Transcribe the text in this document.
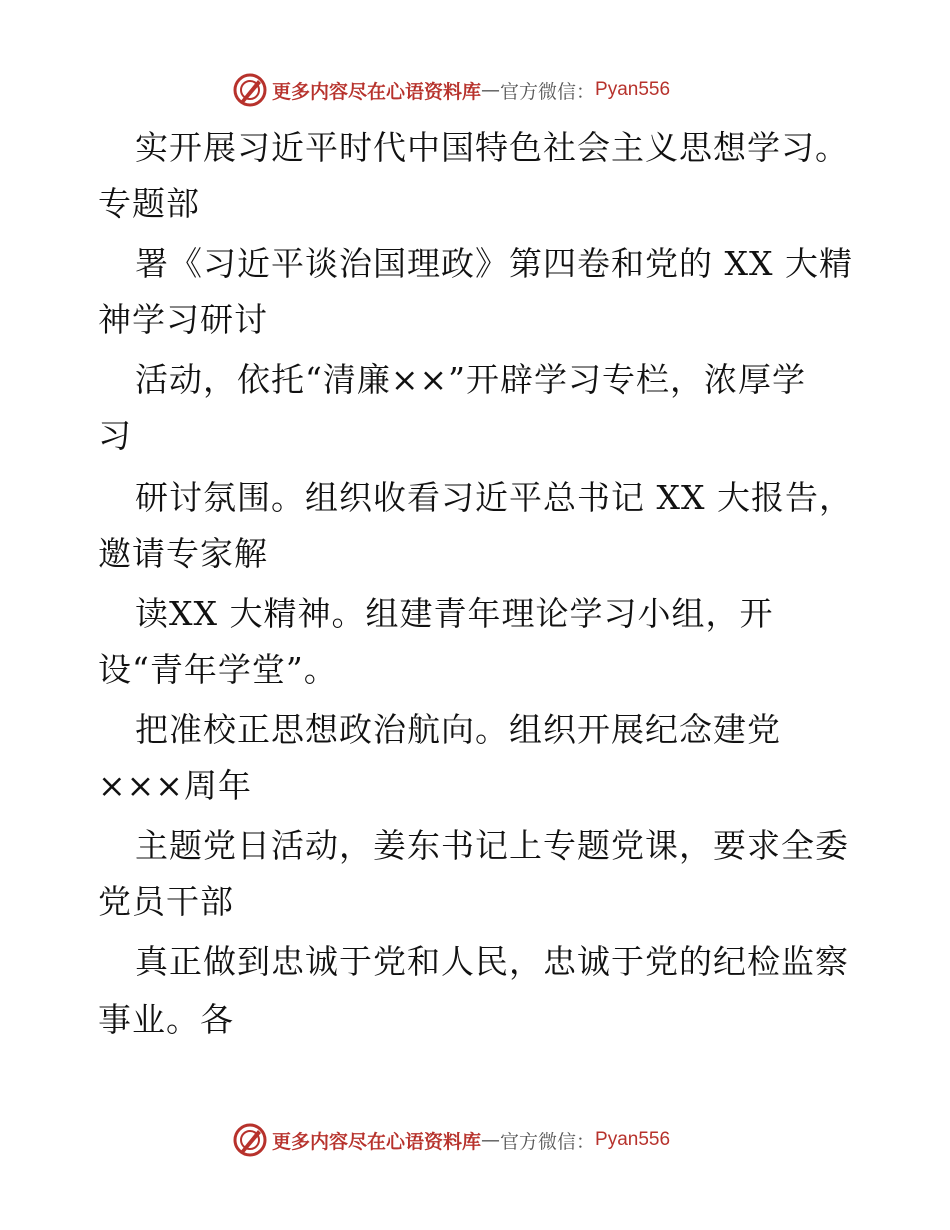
更多内容尽在心语资料库 — 官方微信： Pyan556
实开展习近平时代中国特色社会主义思想学习。
专题部
署《习近平谈治国理政》第四卷和党的 XX 大精
神学习研讨
活动，依托“清廉××”开辟学习专栏，浓厚学
习
研讨氛围。组织收看习近平总书记 XX 大报告，
邀请专家解
读XX 大精神。组建青年理论学习小组，开
设“青年学堂”。
把准校正思想政治航向。组织开展纪念建党
×××周年
主题党日活动，姜东书记上专题党课，要求全委
党员干部
真正做到忠诚于党和人民，忠诚于党的纪检监察
事业。各
更多内容尽在心语资料库 — 官方微信： Pyan556
